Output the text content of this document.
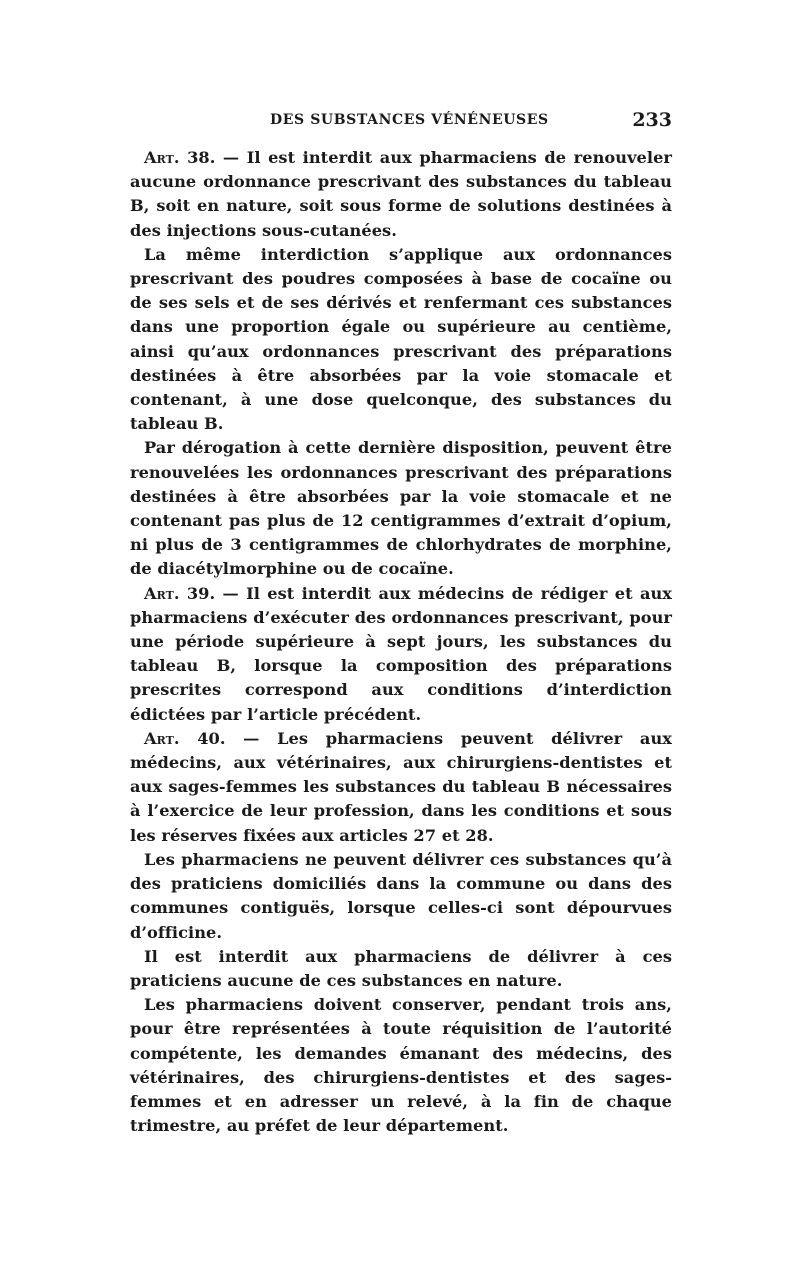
DES SUBSTANCES VÉNÉNEUSES	233

Art. 38. — Il est interdit aux pharmaciens de renouveler aucune ordonnance prescrivant des substances du tableau B, soit en nature, soit sous forme de solutions destinées à des injections sous-cutanées.

La même interdiction s’applique aux ordonnances prescrivant des poudres composées à base de cocaïne ou de ses sels et de ses dérivés et renfermant ces substances dans une proportion égale ou supérieure au centième, ainsi qu’aux ordonnances prescrivant des préparations destinées à être absorbées par la voie stomacale et contenant, à une dose quelconque, des substances du tableau B.

Par dérogation à cette dernière disposition, peuvent être renouvelées les ordonnances prescrivant des préparations destinées à être absorbées par la voie stomacale et ne contenant pas plus de 12 centigrammes d’extrait d’opium, ni plus de 3 centigrammes de chlorhydrates de morphine, de diacétylmorphine ou de cocaïne.

Art. 39. — Il est interdit aux médecins de rédiger et aux pharmaciens d’exécuter des ordonnances prescrivant, pour une période supérieure à sept jours, les substances du tableau B, lorsque la composition des préparations prescrites correspond aux conditions d’interdiction édictées par l’article précédent.

Art. 40. — Les pharmaciens peuvent délivrer aux médecins, aux vétérinaires, aux chirurgiens-dentistes et aux sages-femmes les substances du tableau B nécessaires à l’exercice de leur profession, dans les conditions et sous les réserves fixées aux articles 27 et 28.

Les pharmaciens ne peuvent délivrer ces substances qu’à des praticiens domiciliés dans la commune ou dans des communes contiguës, lorsque celles-ci sont dépourvues d’officine.

Il est interdit aux pharmaciens de délivrer à ces praticiens aucune de ces substances en nature.

Les pharmaciens doivent conserver, pendant trois ans, pour être représentées à toute réquisition de l’autorité compétente, les demandes émanant des médecins, des vétérinaires, des chirurgiens-dentistes et des sages-femmes et en adresser un relevé, à la fin de chaque trimestre, au préfet de leur département.
